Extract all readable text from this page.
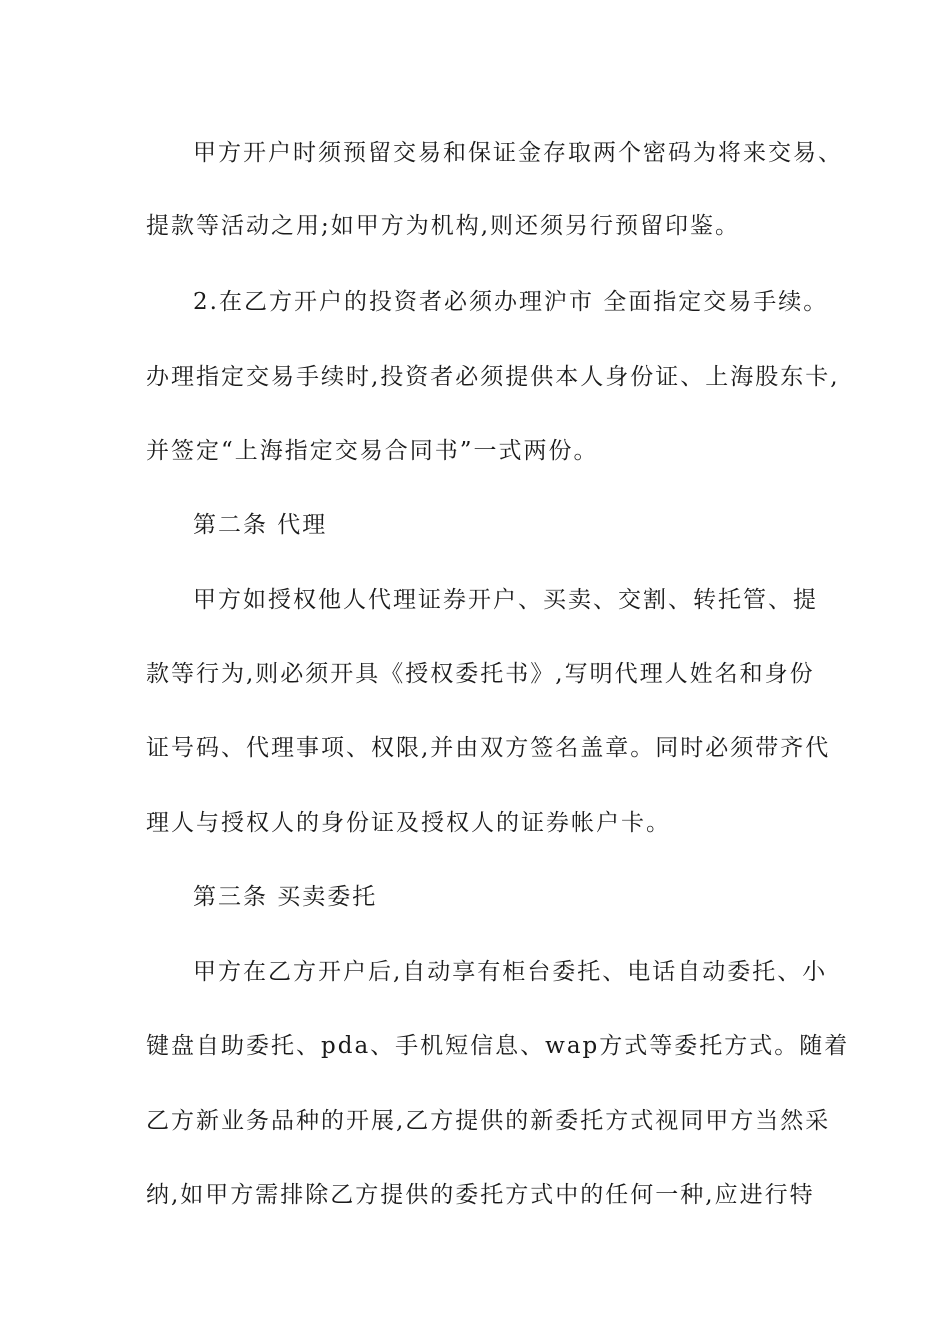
甲方开户时须预留交易和保证金存取两个密码为将来交易、
提款等活动之用;如甲方为机构,则还须另行预留印鉴。
2.在乙方开户的投资者必须办理沪市 全面指定交易手续。
办理指定交易手续时,投资者必须提供本人身份证、上海股东卡,
并签定“上海指定交易合同书”一式两份。
第二条 代理
甲方如授权他人代理证券开户、买卖、交割、转托管、提
款等行为,则必须开具《授权委托书》,写明代理人姓名和身份
证号码、代理事项、权限,并由双方签名盖章。同时必须带齐代
理人与授权人的身份证及授权人的证券帐户卡。
第三条 买卖委托
甲方在乙方开户后,自动享有柜台委托、电话自动委托、小
键盘自助委托、pda、手机短信息、wap方式等委托方式。随着
乙方新业务品种的开展,乙方提供的新委托方式视同甲方当然采
纳,如甲方需排除乙方提供的委托方式中的任何一种,应进行特
